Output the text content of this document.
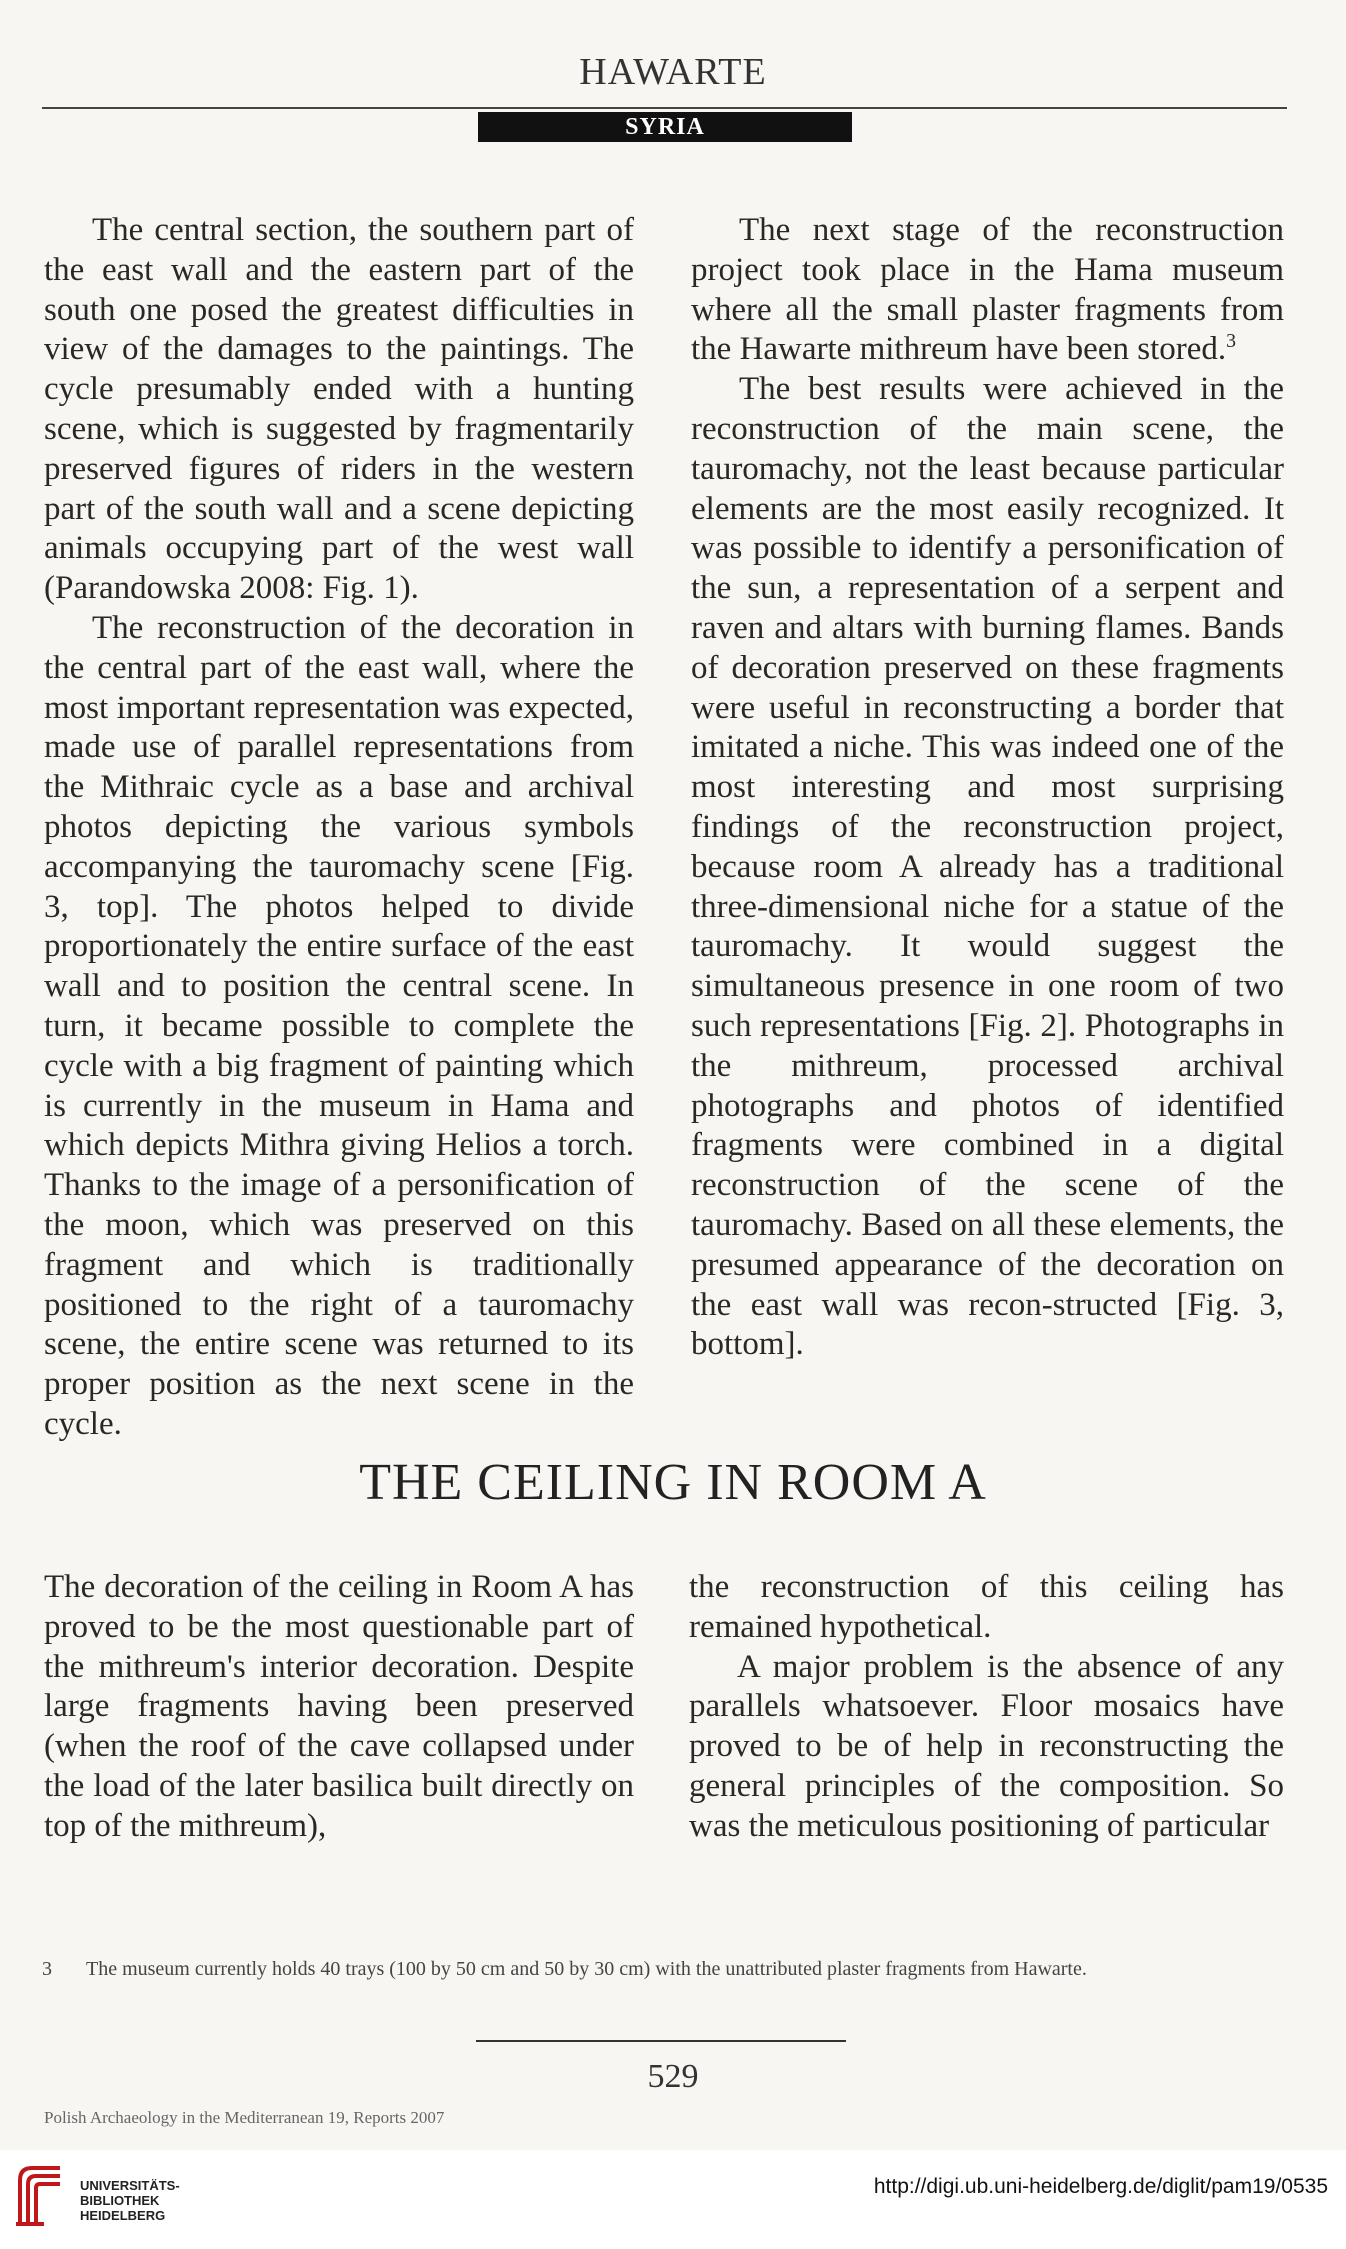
HAWARTE
SYRIA

The central section, the southern part of the east wall and the eastern part of the south one posed the greatest difficulties in view of the damages to the paintings. The cycle presumably ended with a hunting scene, which is suggested by fragmentarily preserved figures of riders in the western part of the south wall and a scene depicting animals occupying part of the west wall (Parandowska 2008: Fig. 1).

The reconstruction of the decoration in the central part of the east wall, where the most important representation was expected, made use of parallel representations from the Mithraic cycle as a base and archival photos depicting the various symbols accompanying the tauromachy scene [Fig. 3, top]. The photos helped to divide proportionately the entire surface of the east wall and to position the central scene. In turn, it became possible to complete the cycle with a big fragment of painting which is currently in the museum in Hama and which depicts Mithra giving Helios a torch. Thanks to the image of a personification of the moon, which was preserved on this fragment and which is traditionally positioned to the right of a tauromachy scene, the entire scene was returned to its proper position as the next scene in the cycle.

The next stage of the reconstruction project took place in the Hama museum where all the small plaster fragments from the Hawarte mithreum have been stored.$^3$

The best results were achieved in the reconstruction of the main scene, the tauromachy, not the least because particular elements are the most easily recognized. It was possible to identify a personification of the sun, a representation of a serpent and raven and altars with burning flames. Bands of decoration preserved on these fragments were useful in reconstructing a border that imitated a niche. This was indeed one of the most interesting and most surprising findings of the reconstruction project, because room A already has a traditional three-dimensional niche for a statue of the tauromachy. It would suggest the simultaneous presence in one room of two such representations [Fig. 2]. Photographs in the mithreum, processed archival photographs and photos of identified fragments were combined in a digital reconstruction of the scene of the tauromachy. Based on all these elements, the presumed appearance of the decoration on the east wall was recon-structed [Fig. 3, bottom].

THE CEILING IN ROOM A

The decoration of the ceiling in Room A has proved to be the most questionable part of the mithreum's interior decoration. Despite large fragments having been preserved (when the roof of the cave collapsed under the load of the later basilica built directly on top of the mithreum),

the reconstruction of this ceiling has remained hypothetical.

A major problem is the absence of any parallels whatsoever. Floor mosaics have proved to be of help in reconstructing the general principles of the composition. So was the meticulous positioning of particular

3 The museum currently holds 40 trays (100 by 50 cm and 50 by 30 cm) with the unattributed plaster fragments from Hawarte.
529
Polish Archaeology in the Mediterranean 19, Reports 2007
UNIVERSITÄTS-
BIBLIOTHEK
HEIDELBERG
http://digi.ub.uni-heidelberg.de/diglit/pam19/0535
